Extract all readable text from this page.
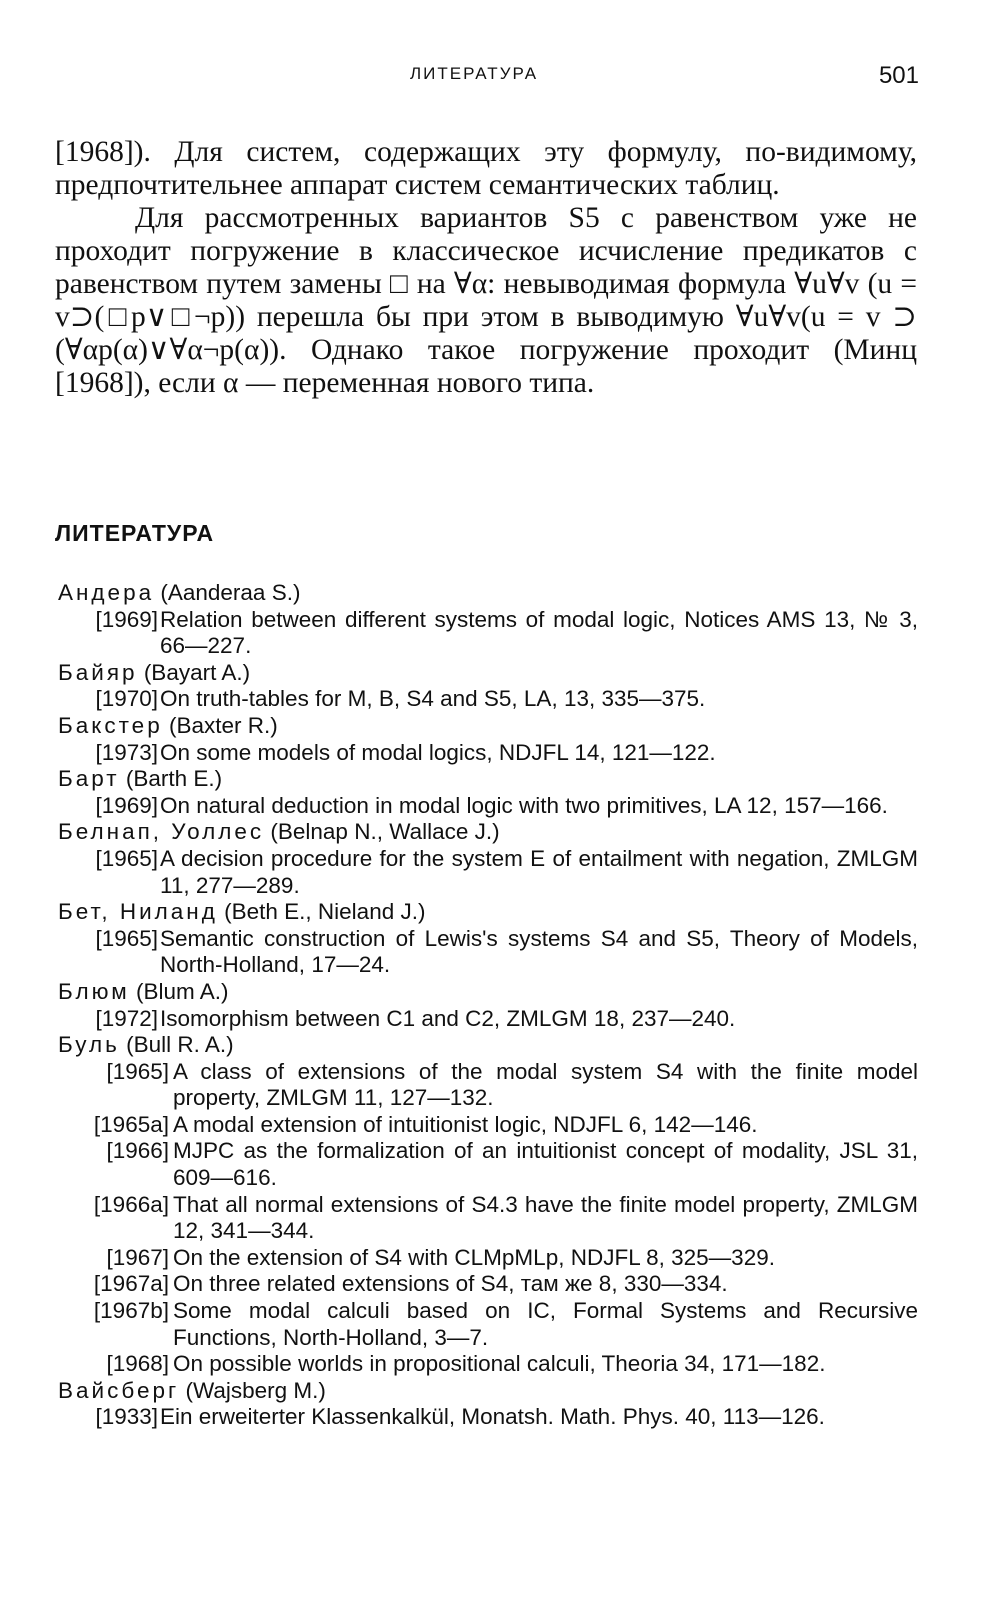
ЛИТЕРАТУРА	501

[1968]). Для систем, содержащих эту формулу, по-видимому, предпочтительнее аппарат систем семантических таблиц.

Для рассмотренных вариантов S5 с равенством уже не проходит погружение в классическое исчисление предикатов с равенством путем замены □ на ∀α: невыводимая формула ∀u∀v (u = v⊃(□p∨□¬p)) перешла бы при этом в выводимую ∀u∀v(u = v ⊃ (∀αp(α)∨∀α¬p(α)). Однако такое погружение проходит (Минц [1968]), если α — переменная нового типа.

ЛИТЕРАТУРА
Андера (Aanderaa S.)
[1969] Relation between different systems of modal logic, Notices AMS 13, № 3, 66—227.
Байяр (Bayart A.)
[1970] On truth-tables for M, B, S4 and S5, LA, 13, 335—375.
Бакстер (Baxter R.)
[1973] On some models of modal logics, NDJFL 14, 121—122.
Барт (Barth E.)
[1969] On natural deduction in modal logic with two primitives, LA 12, 157—166.
Белнап, Уоллес (Belnap N., Wallace J.)
[1965] A decision procedure for the system E of entailment with negation, ZMLGM 11, 277—289.
Бет, Нилaнд (Beth E., Nieland J.)
[1965] Semantic construction of Lewis's systems S4 and S5, Theory of Models, North-Holland, 17—24.
Блюм (Blum A.)
[1972] Isomorphism between C1 and C2, ZMLGM 18, 237—240.
Буль (Bull R. A.)
[1965] A class of extensions of the modal system S4 with the finite model property, ZMLGM 11, 127—132.
[1965a] A modal extension of intuitionist logic, NDJFL 6, 142—146.
[1966] MJPC as the formalization of an intuitionist concept of modality, JSL 31, 609—616.
[1966a] That all normal extensions of S4.3 have the finite model property, ZMLGM 12, 341—344.
[1967] On the extension of S4 with CLMpMLp, NDJFL 8, 325—329.
[1967a] On three related extensions of S4, там же 8, 330—334.
[1967b] Some modal calculi based on IC, Formal Systems and Recursive Functions, North-Holland, 3—7.
[1968] On possible worlds in propositional calculi, Theoria 34, 171—182.
Вайсберг (Wajsberg M.)
[1933] Ein erweiterter Klassenkalkül, Monatsh. Math. Phys. 40, 113—126.
